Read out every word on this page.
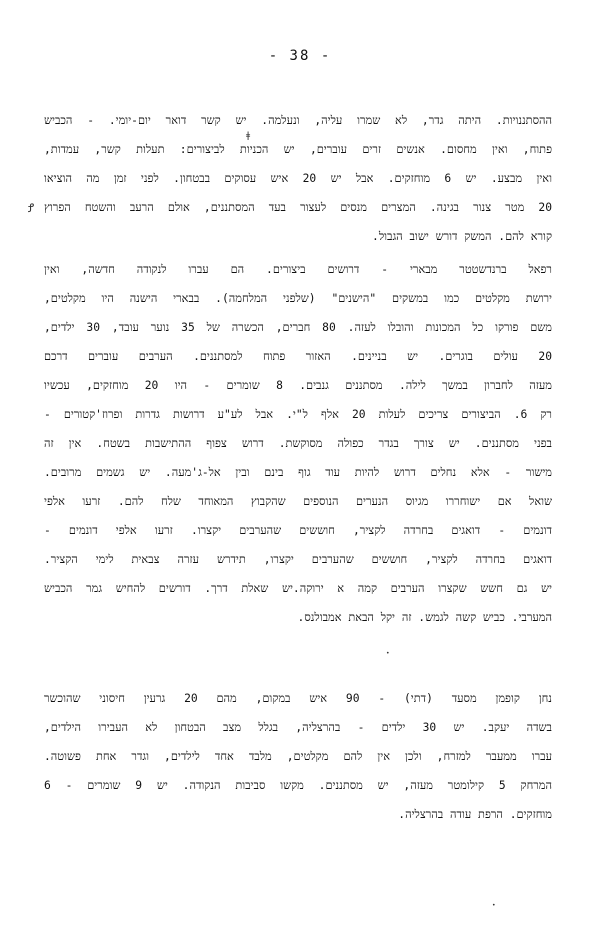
- 38 -
ההסתננויות. היתה גדר, לא שמרו עליה, ונעלמה. יש קשר דואר יום-יומי. - הכביש
פתוח, ואין מחסום. אנשים זרים עוברים, יש הכניות לביצורים: תעלות קשר, עמדות,
ואין מבצע. יש 6 מוחזקים. אבל יש 20 איש עסוקים בבטחון. לפני זמן מה הוציאו
20 מטר צנור בגינה. המצרים מנסים לעצור בעד המסתננים, אולם הרעב והשטח הפרוץ
קורא להם. המשק דורש ישוב הגבול.
רפאל ברנדשטטר מבארי - דרושים ביצורים. הם עברו לנקודה חדשה, ואין
ירושת מקלטים כמו במשקים "הישנים" (שלפני המלחמה). בבארי הישנה היו מקלטים,
משם פורקו כל המכונות והובלו לעזה. 80 חברים, הכשרה של 35 נוער עובד, 30 ילדים,
20 עולים בוגרים. יש בניינים. האזור פתוח למסתננים. הערבים עוברים דרכם
מעזה לחברון במשך לילה. מסתננים גנבים. 8 שומרים - היו 20 מוחזקים, עכשיו
רק 6. הביצורים צריכים לעלות 20 אלף ל"י. אבל לע"ע דרושות גדרות ופרוז'קטורים -
בפני מסתננים. יש צורך בגדר כפולה מסוקשת. דרוש צפוף ההתישבות בשטח. אין זה
מישור - אלא נחלים דרוש להיות עוד גוף בינם ובין אל-ג'מעה. יש גשמים מרובים.
שואל אם ישוחררו מגיוס הנערים הנוספים שהקבוץ המאוחד שלח להם. זרעו אלפי
דונמים - דואגים בחרדה לקציר, חוששים שהערבים יקצרו. זרעו אלפי דונמים -
דואגים בחרדה לקציר, חוששים שהערבים יקצרו, תידרש עזרה צבאית לימי הקציר.
יש גם חשש שקצרו הערבים קמה א ירוקה.יש שאלת דרך. דורשים להחיש גמר הכביש
המערבי. כביש קשה לגמש. זה יקל הבאת אמבולנס.
נחן קופמן מסעד (דתי) - 90 איש במקום, מהם 20 גרעין חיסוני שהוכשר
בשדה יעקב. יש 30 ילדים - בהרצליה, בגלל מצב הבטחון לא העבירו הילדים,
עברו ממעבר למזרח, ולכן אין להם מקלטים, מלבד אחד לילדים, וגדר אחת פשוטה.
המרחק 5 קילומטר מעזה, יש מסתננים. מקשו סביבות הנקודה. יש 9 שומרים - 6
מוחזקים. הרפת עודה בהרצליה.
Ꝭ
ǂ
•
•
